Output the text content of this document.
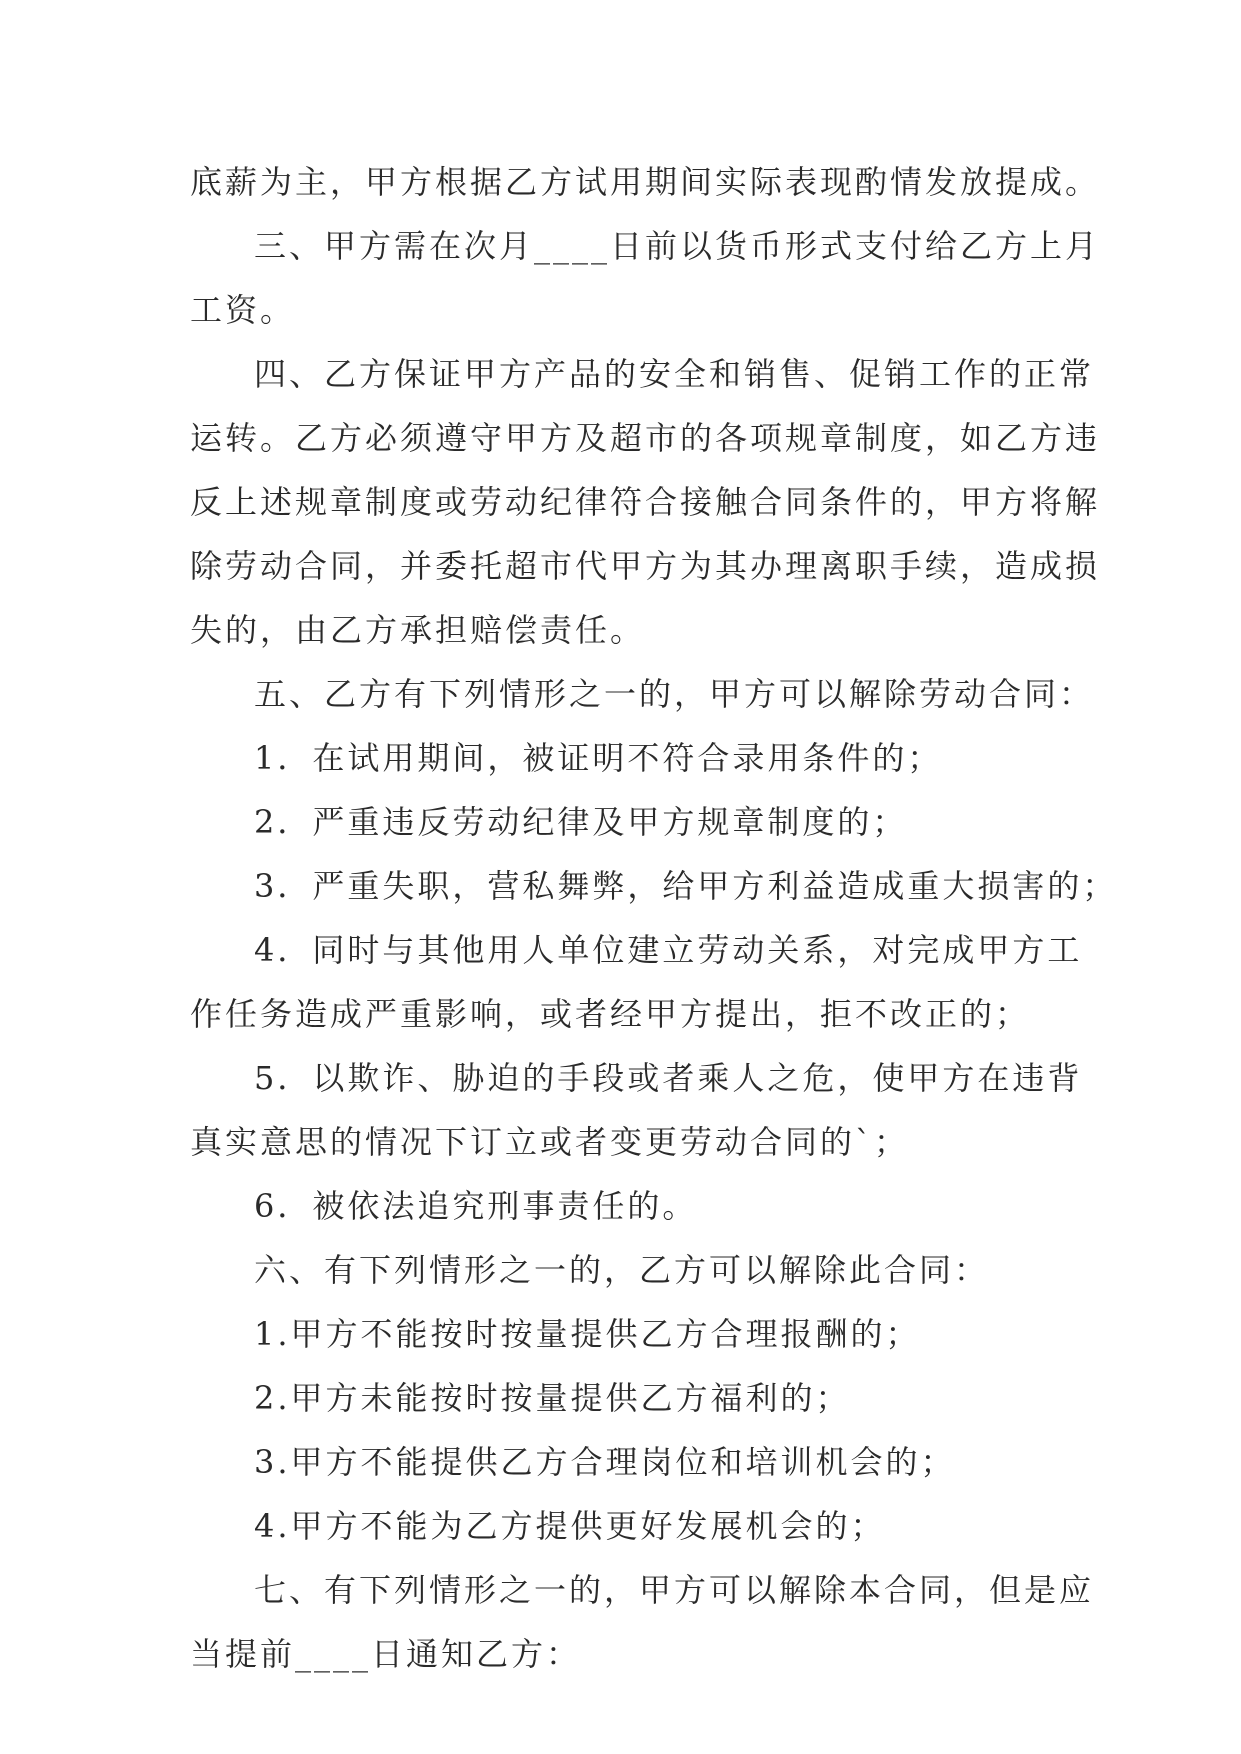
底薪为主，甲方根据乙方试用期间实际表现酌情发放提成。
三、甲方需在次月____日前以货币形式支付给乙方上月
工资。
四、乙方保证甲方产品的安全和销售、促销工作的正常
运转。乙方必须遵守甲方及超市的各项规章制度，如乙方违
反上述规章制度或劳动纪律符合接触合同条件的，甲方将解
除劳动合同，并委托超市代甲方为其办理离职手续，造成损
失的，由乙方承担赔偿责任。
五、乙方有下列情形之一的，甲方可以解除劳动合同：
1．在试用期间，被证明不符合录用条件的；
2．严重违反劳动纪律及甲方规章制度的；
3．严重失职，营私舞弊，给甲方利益造成重大损害的；
4．同时与其他用人单位建立劳动关系，对完成甲方工
作任务造成严重影响，或者经甲方提出，拒不改正的；
5．以欺诈、胁迫的手段或者乘人之危，使甲方在违背
真实意思的情况下订立或者变更劳动合同的`；
6．被依法追究刑事责任的。
六、有下列情形之一的，乙方可以解除此合同：
1.甲方不能按时按量提供乙方合理报酬的；
2.甲方未能按时按量提供乙方福利的；
3.甲方不能提供乙方合理岗位和培训机会的；
4.甲方不能为乙方提供更好发展机会的；
七、有下列情形之一的，甲方可以解除本合同，但是应
当提前____日通知乙方：
